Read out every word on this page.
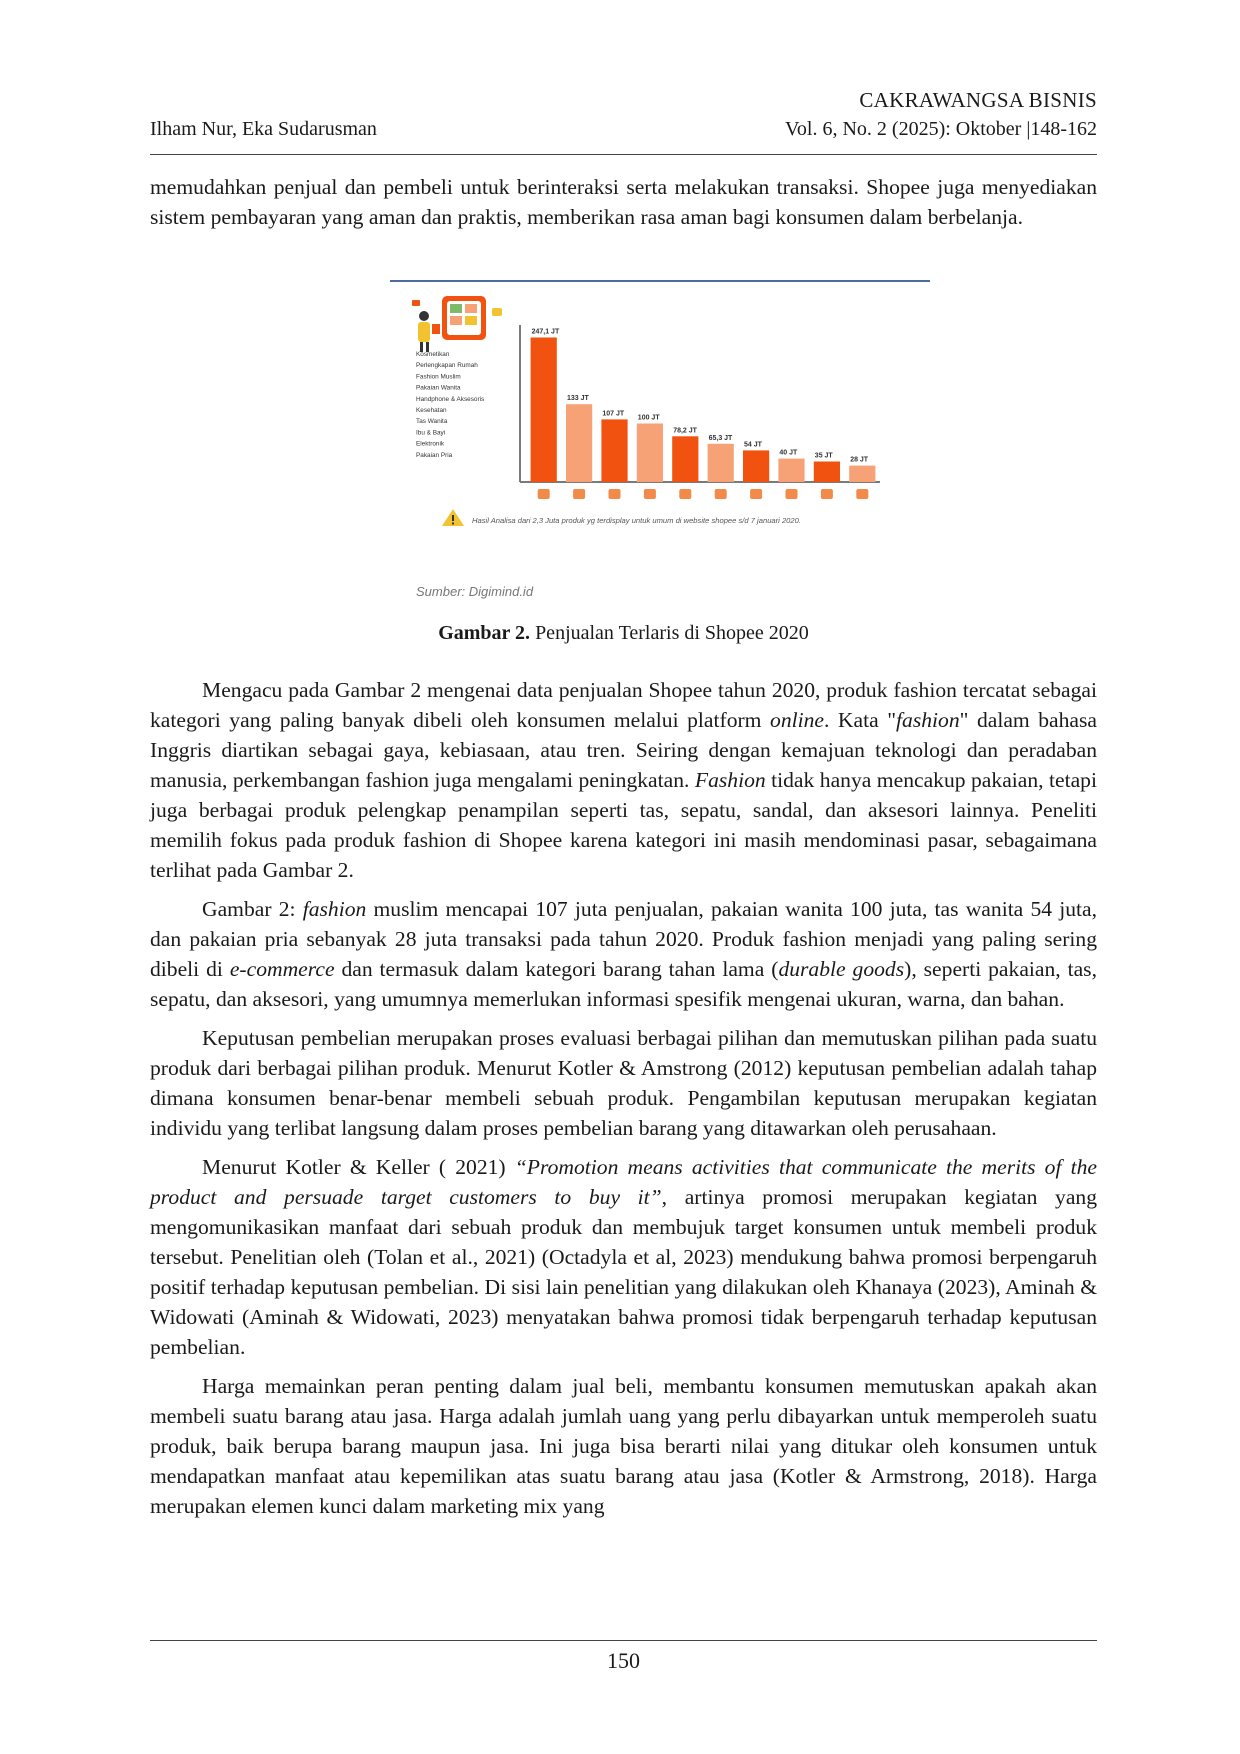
CAKRAWANGSA BISNIS
Ilham Nur, Eka Sudarusman	Vol. 6, No. 2 (2025): Oktober |148-162

memudahkan penjual dan pembeli untuk berinteraksi serta melakukan transaksi. Shopee juga menyediakan sistem pembayaran yang aman dan praktis, memberikan rasa aman bagi konsumen dalam berbelanja.

Kosmetikan
Perlengkapan Rumah
Fashion Muslim
Pakaian Wanita
Handphone & Aksesoris
Kesehatan
Tas Wanita
Ibu & Bayi
Elektronik
Pakaian Pria
247,1 JT
133 JT
107 JT
100 JT
78,2 JT
65,3 JT
54 JT
40 JT 35 JT
28 JT
Hasil Analisa dari 2,3 Juta produk yg terdisplay untuk umum di website shopee s/d 7 januari 2020.
Sumber: Digimind.id
Gambar 2. Penjualan Terlaris di Shopee 2020

Mengacu pada Gambar 2 mengenai data penjualan Shopee tahun 2020, produk fashion tercatat sebagai kategori yang paling banyak dibeli oleh konsumen melalui platform online. Kata "fashion" dalam bahasa Inggris diartikan sebagai gaya, kebiasaan, atau tren. Seiring dengan kemajuan teknologi dan peradaban manusia, perkembangan fashion juga mengalami peningkatan. Fashion tidak hanya mencakup pakaian, tetapi juga berbagai produk pelengkap penampilan seperti tas, sepatu, sandal, dan aksesori lainnya. Peneliti memilih fokus pada produk fashion di Shopee karena kategori ini masih mendominasi pasar, sebagaimana terlihat pada Gambar 2.

Gambar 2: fashion muslim mencapai 107 juta penjualan, pakaian wanita 100 juta, tas wanita 54 juta, dan pakaian pria sebanyak 28 juta transaksi pada tahun 2020. Produk fashion menjadi yang paling sering dibeli di e-commerce dan termasuk dalam kategori barang tahan lama (durable goods), seperti pakaian, tas, sepatu, dan aksesori, yang umumnya memerlukan informasi spesifik mengenai ukuran, warna, dan bahan.

Keputusan pembelian merupakan proses evaluasi berbagai pilihan dan memutuskan pilihan pada suatu produk dari berbagai pilihan produk. Menurut Kotler & Amstrong (2012) keputusan pembelian adalah tahap dimana konsumen benar-benar membeli sebuah produk. Pengambilan keputusan merupakan kegiatan individu yang terlibat langsung dalam proses pembelian barang yang ditawarkan oleh perusahaan.

Menurut Kotler & Keller ( 2021) “Promotion means activities that communicate the merits of the product and persuade target customers to buy it”, artinya promosi merupakan kegiatan yang mengomunikasikan manfaat dari sebuah produk dan membujuk target konsumen untuk membeli produk tersebut. Penelitian oleh (Tolan et al., 2021) (Octadyla et al, 2023) mendukung bahwa promosi berpengaruh positif terhadap keputusan pembelian. Di sisi lain penelitian yang dilakukan oleh Khanaya (2023), Aminah & Widowati (Aminah & Widowati, 2023) menyatakan bahwa promosi tidak berpengaruh terhadap keputusan pembelian.

Harga memainkan peran penting dalam jual beli, membantu konsumen memutuskan apakah akan membeli suatu barang atau jasa. Harga adalah jumlah uang yang perlu dibayarkan untuk memperoleh suatu produk, baik berupa barang maupun jasa. Ini juga bisa berarti nilai yang ditukar oleh konsumen untuk mendapatkan manfaat atau kepemilikan atas suatu barang atau jasa (Kotler & Armstrong, 2018). Harga merupakan elemen kunci dalam marketing mix yang

150
